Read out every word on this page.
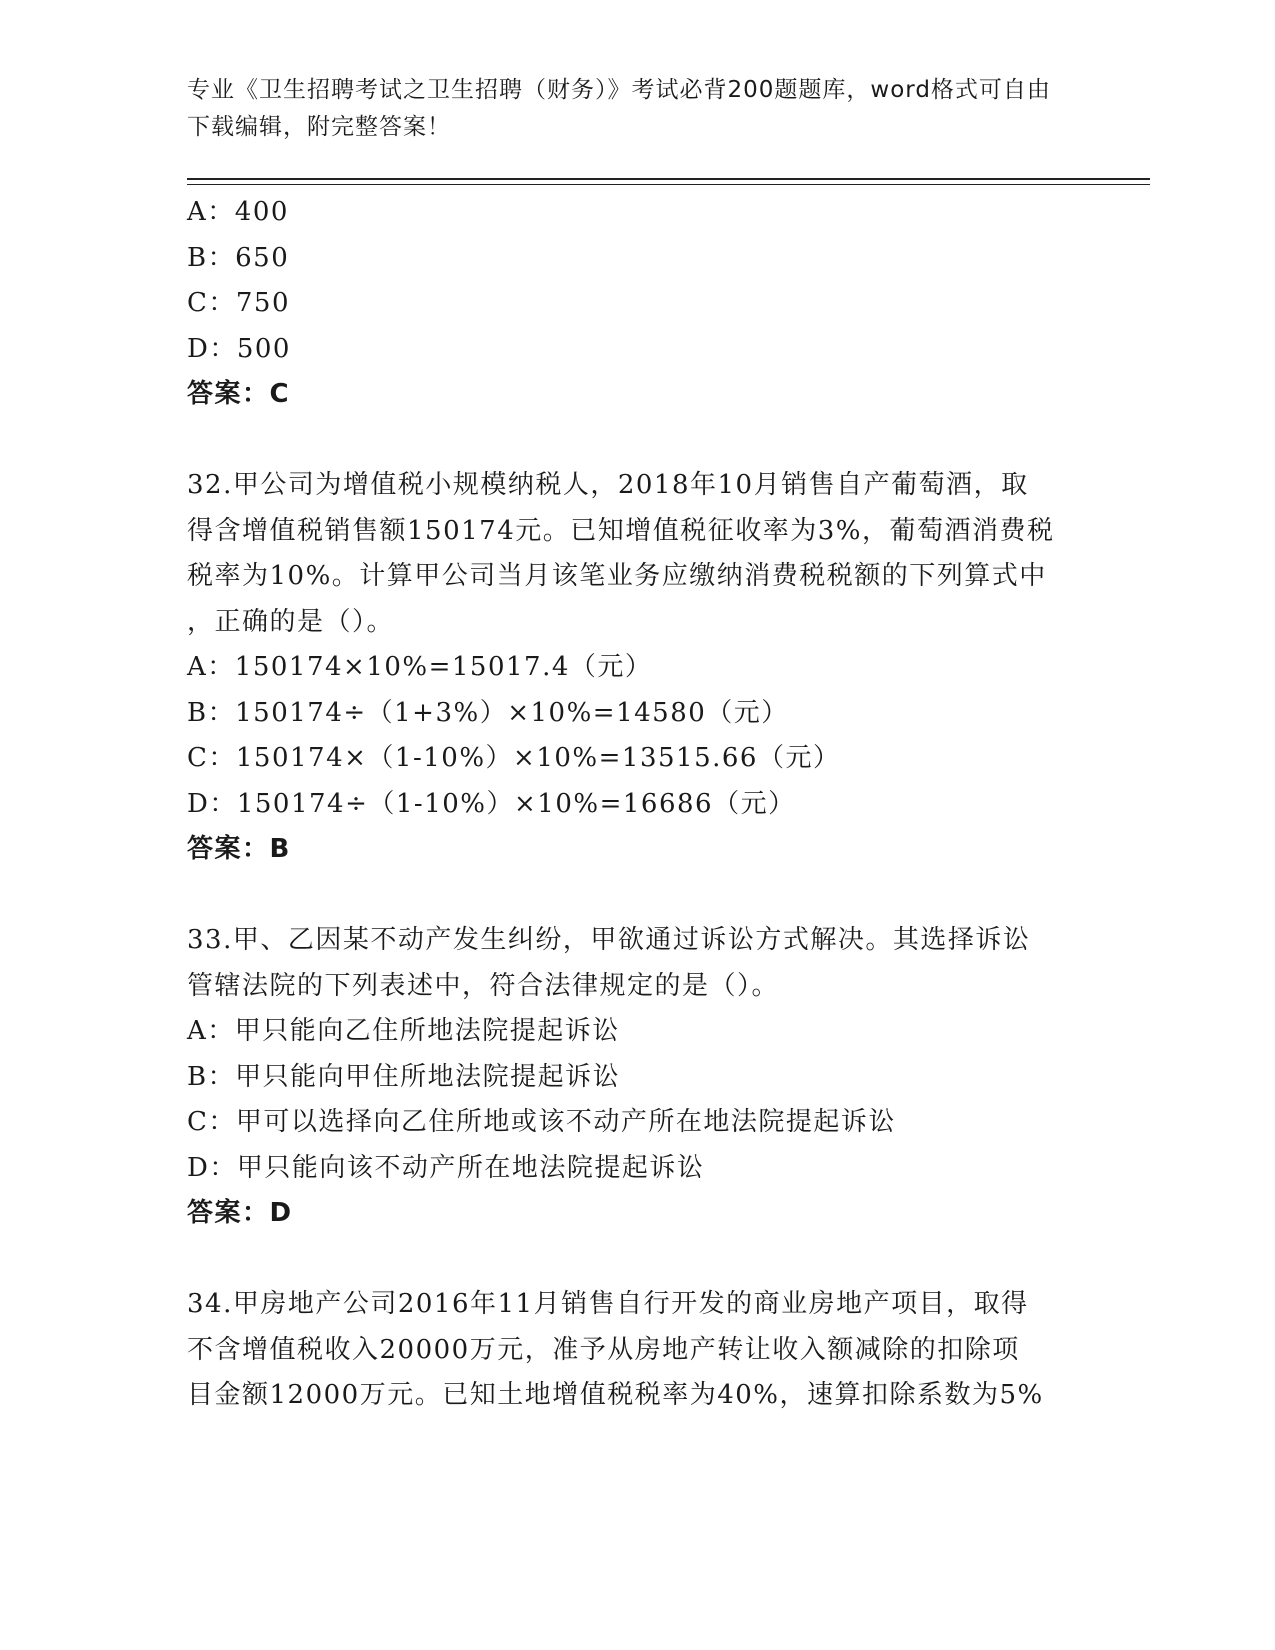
专业《卫生招聘考试之卫生招聘（财务）》考试必背200题题库，word格式可自由下载编辑，附完整答案！
A：400
B：650
C：750
D：500
答案：C
32.甲公司为增值税小规模纳税人，2018年10月销售自产葡萄酒，取
得含增值税销售额150174元。已知增值税征收率为3%，葡萄酒消费税
税率为10%。计算甲公司当月该笔业务应缴纳消费税税额的下列算式中
，正确的是（）。
A：150174×10%=15017.4（元）
B：150174÷（1+3%）×10%=14580（元）
C：150174×（1-10%）×10%=13515.66（元）
D：150174÷（1-10%）×10%=16686（元）
答案：B
33.甲、乙因某不动产发生纠纷，甲欲通过诉讼方式解决。其选择诉讼
管辖法院的下列表述中，符合法律规定的是（）。
A：甲只能向乙住所地法院提起诉讼
B：甲只能向甲住所地法院提起诉讼
C：甲可以选择向乙住所地或该不动产所在地法院提起诉讼
D：甲只能向该不动产所在地法院提起诉讼
答案：D
34.甲房地产公司2016年11月销售自行开发的商业房地产项目，取得
不含增值税收入20000万元，准予从房地产转让收入额减除的扣除项
目金额12000万元。已知土地增值税税率为40%，速算扣除系数为5%
